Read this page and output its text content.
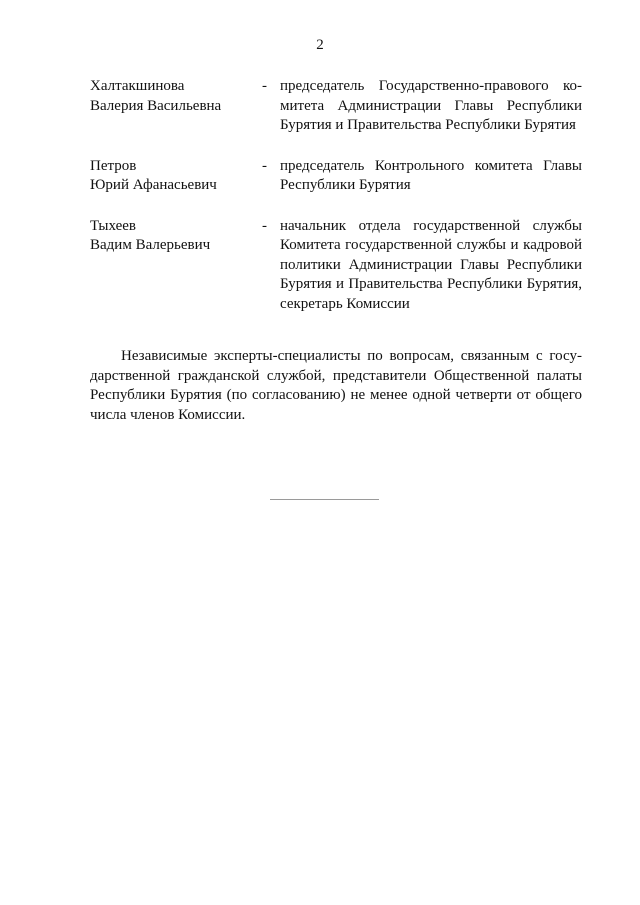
2
Халтакшинова
Валерия Васильевна
- председатель Государственно-правового комитета Администрации Главы Республики Бурятия и Правительства Республики Бурятия
Петров
Юрий Афанасьевич
- председатель Контрольного комитета Главы Республики Бурятия
Тыхеев
Вадим Валерьевич
- начальник отдела государственной службы Комитета государственной службы и кадровой политики Администрации Главы Республики Бурятия и Правительства Республики Бурятия, секретарь Комиссии

Независимые эксперты-специалисты по вопросам, связанным с государственной гражданской службой, представители Общественной палаты Республики Бурятия (по согласованию) не менее одной четверти от общего числа членов Комиссии.
